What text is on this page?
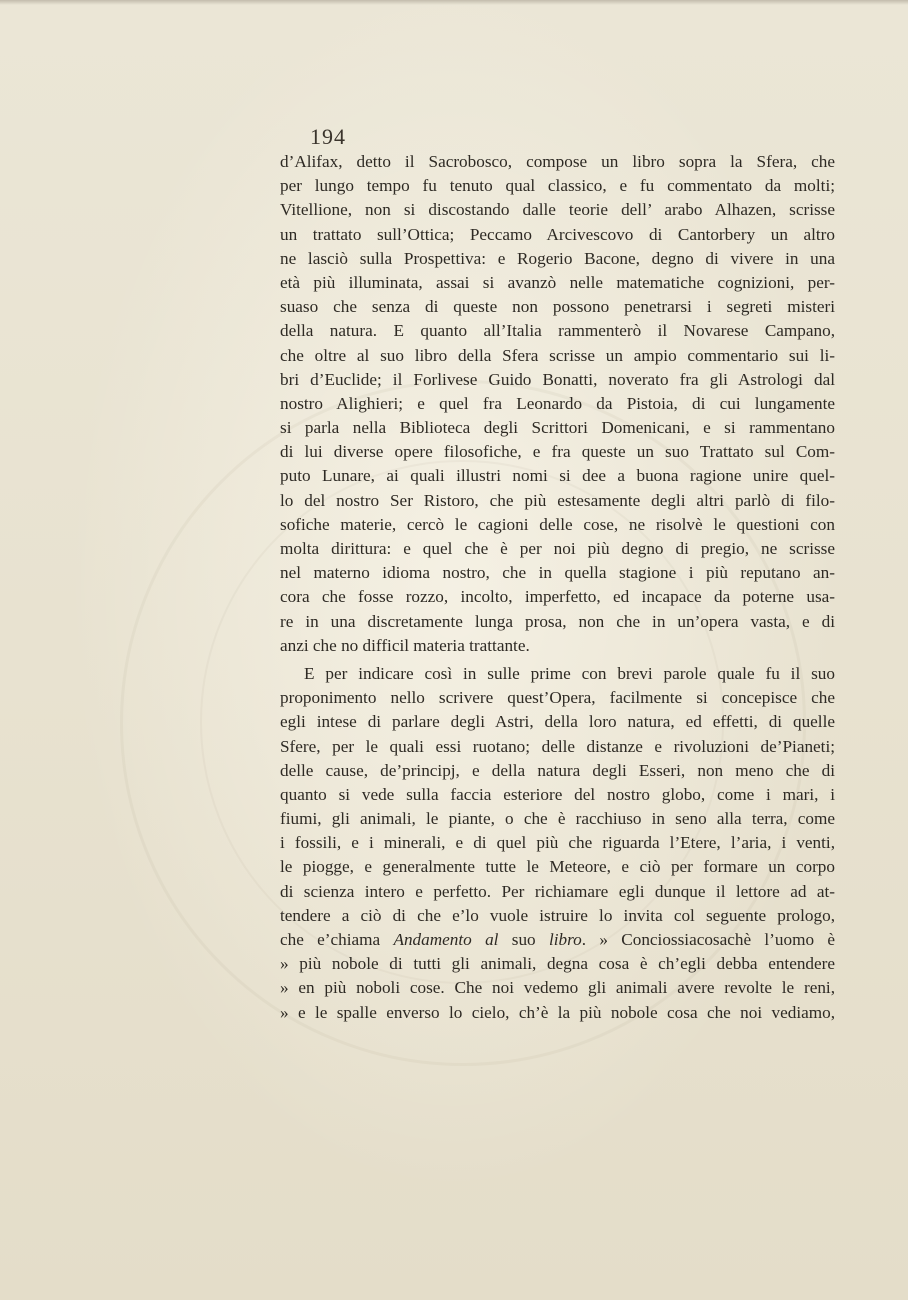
194
d’Alifax, detto il Sacrobosco, compose un libro sopra la Sfera, che
per lungo tempo fu tenuto qual classico, e fu commentato da molti;
Vitellione, non si discostando dalle teorie dell’ arabo Alhazen, scrisse
un trattato sull’Ottica; Peccamo Arcivescovo di Cantorbery un altro
ne lasciò sulla Prospettiva: e Rogerio Bacone, degno di vivere in una
età più illuminata, assai si avanzò nelle matematiche cognizioni, per-
suaso che senza di queste non possono penetrarsi i segreti misteri
della natura. E quanto all’Italia rammenterò il Novarese Campano,
che oltre al suo libro della Sfera scrisse un ampio commentario sui li-
bri d’Euclide; il Forlivese Guido Bonatti, noverato fra gli Astrologi dal
nostro Alighieri; e quel fra Leonardo da Pistoia, di cui lungamente
si parla nella Biblioteca degli Scrittori Domenicani, e si rammentano
di lui diverse opere filosofiche, e fra queste un suo Trattato sul Com-
puto Lunare, ai quali illustri nomi si dee a buona ragione unire quel-
lo del nostro Ser Ristoro, che più estesamente degli altri parlò di filo-
sofiche materie, cercò le cagioni delle cose, ne risolvè le questioni con
molta dirittura: e quel che è per noi più degno di pregio, ne scrisse
nel materno idioma nostro, che in quella stagione i più reputano an-
cora che fosse rozzo, incolto, imperfetto, ed incapace da poterne usa-
re in una discretamente lunga prosa, non che in un’opera vasta, e di
anzi che no difficil materia trattante.
E per indicare così in sulle prime con brevi parole quale fu il suo
proponimento nello scrivere quest’Opera, facilmente si concepisce che
egli intese di parlare degli Astri, della loro natura, ed effetti, di quelle
Sfere, per le quali essi ruotano; delle distanze e rivoluzioni de’Pianeti;
delle cause, de’principj, e della natura degli Esseri, non meno che di
quanto si vede sulla faccia esteriore del nostro globo, come i mari, i
fiumi, gli animali, le piante, o che è racchiuso in seno alla terra, come
i fossili, e i minerali, e di quel più che riguarda l’Etere, l’aria, i venti,
le piogge, e generalmente tutte le Meteore, e ciò per formare un corpo
di scienza intero e perfetto. Per richiamare egli dunque il lettore ad at-
tendere a ciò di che e’lo vuole istruire lo invita col seguente prologo,
che e’chiama Andamento al suo libro. » Conciossiacosachè l’uomo è
» più nobole di tutti gli animali, degna cosa è ch’egli debba entendere
» en più noboli cose. Che noi vedemo gli animali avere revolte le reni,
» e le spalle enverso lo cielo, ch’è la più nobole cosa che noi vediamo,
